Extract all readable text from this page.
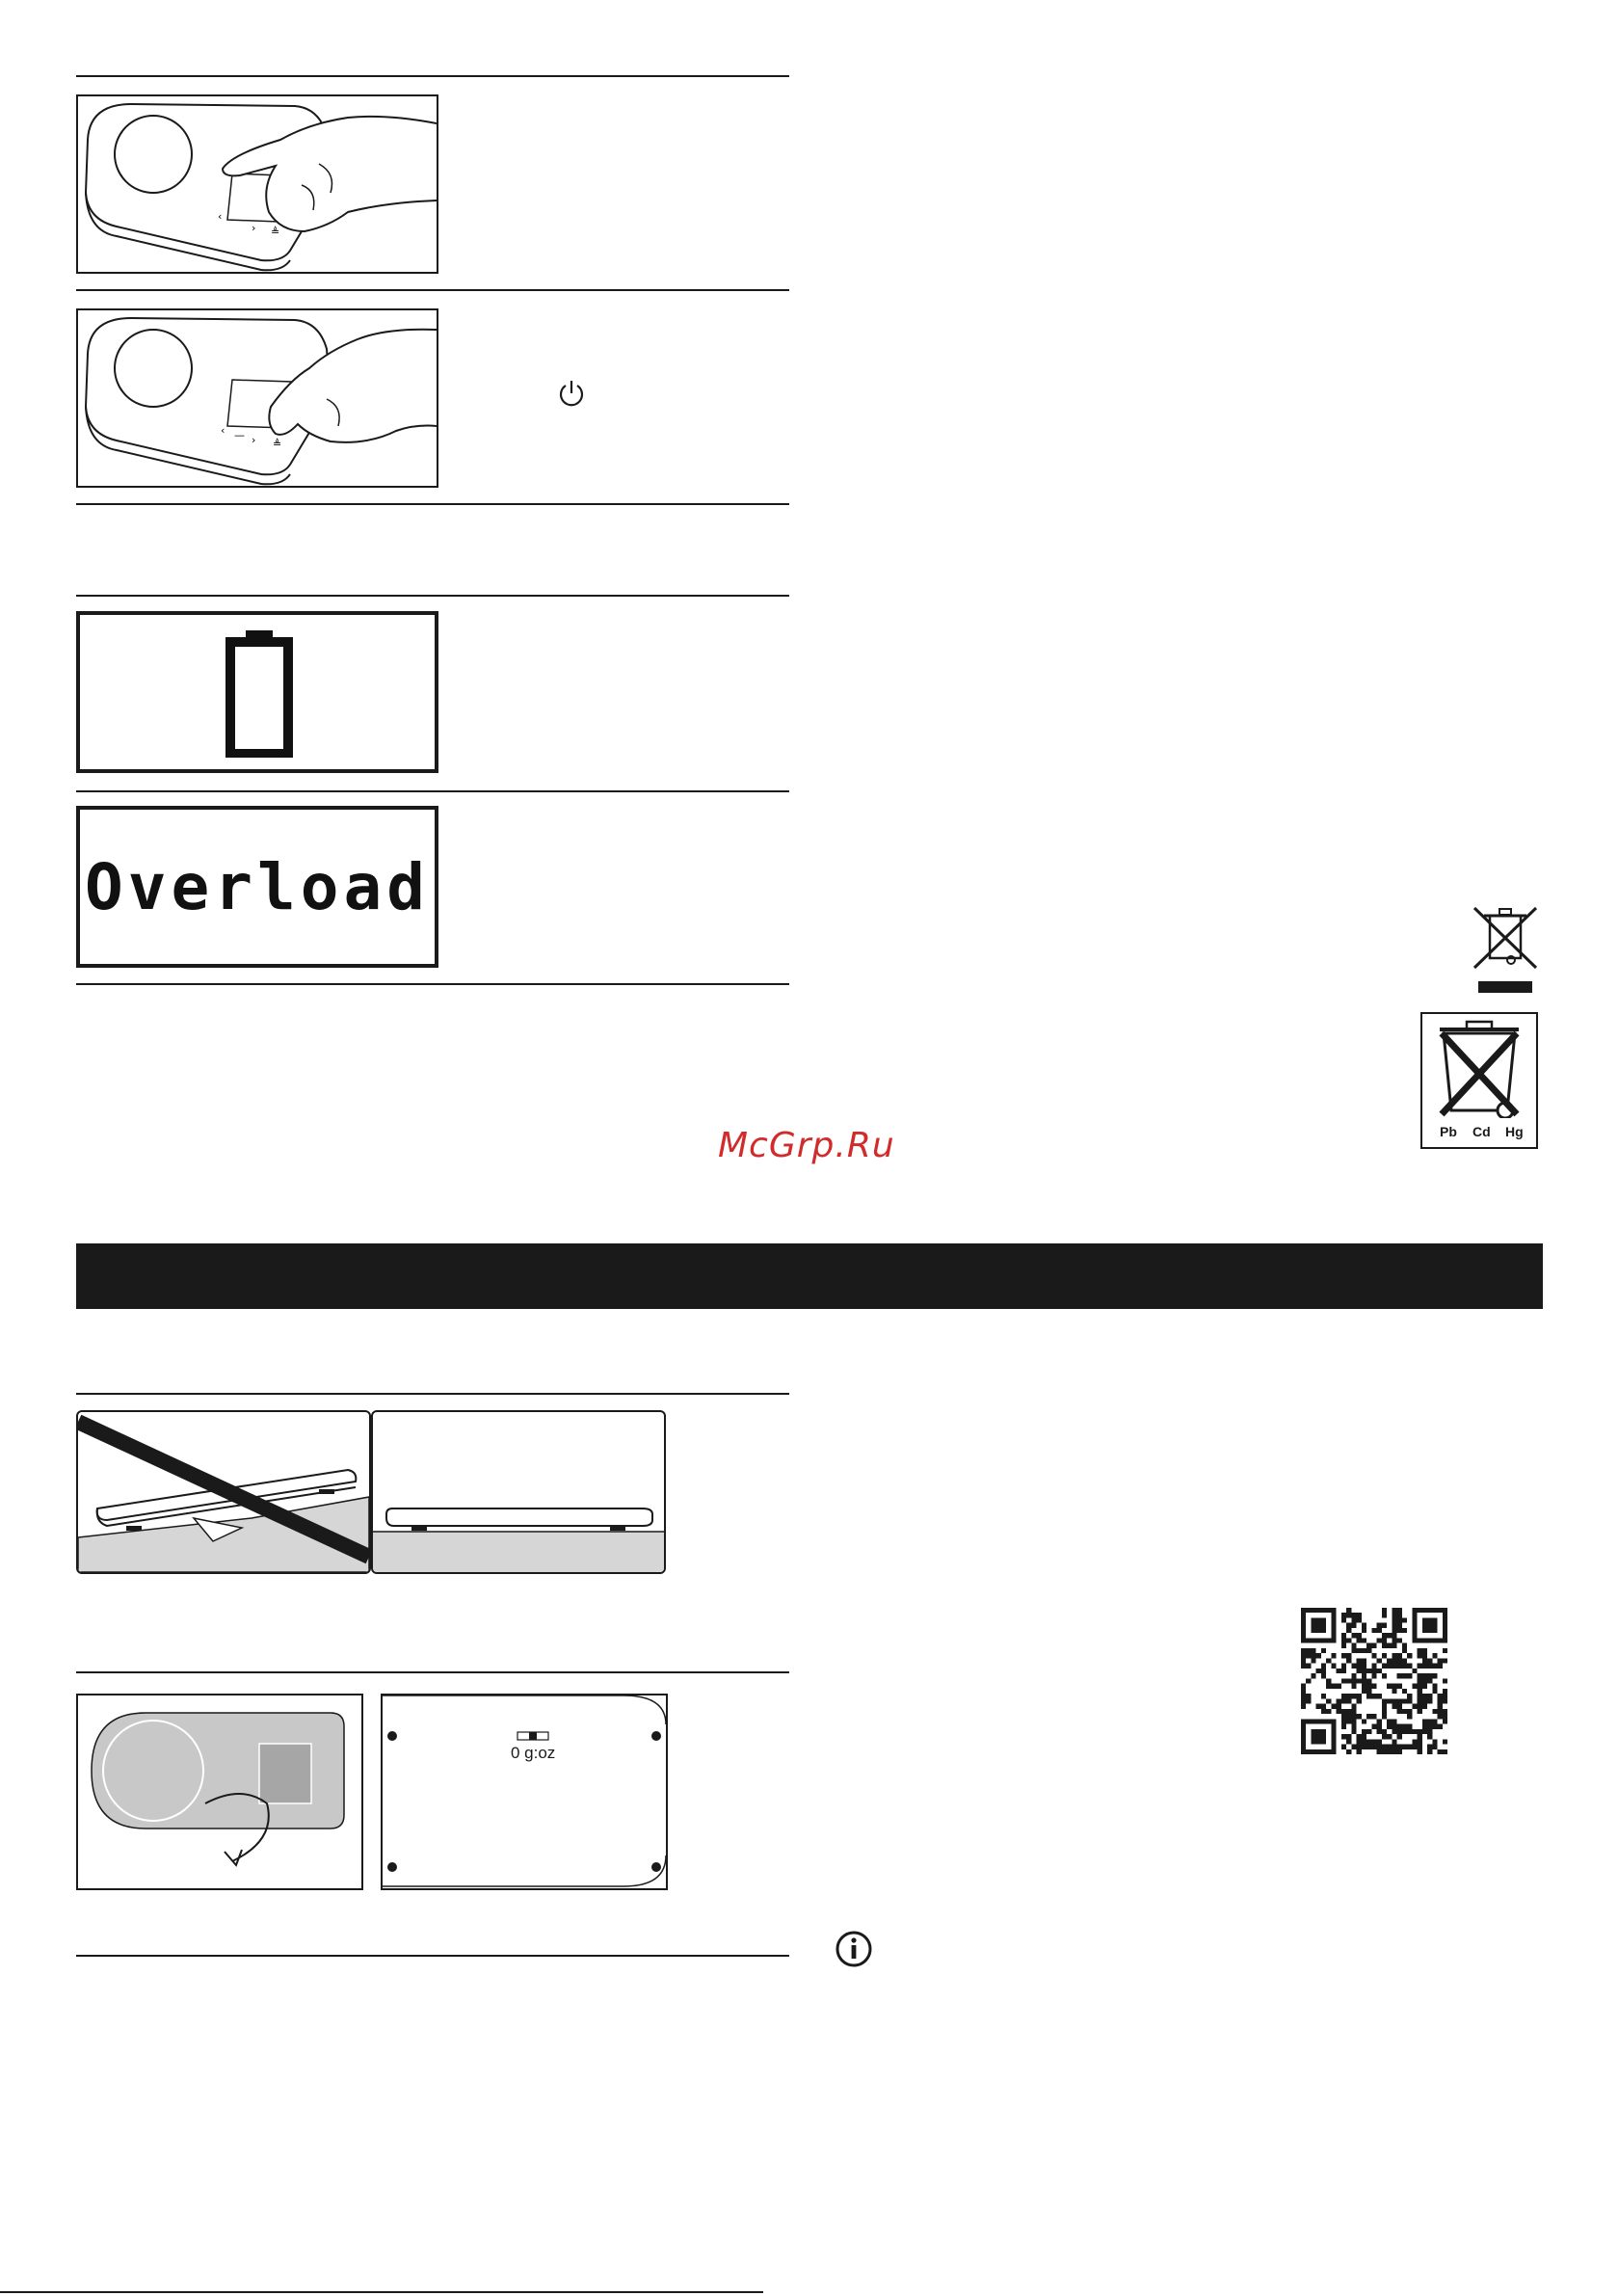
‹
› ≜
‹ — › ≜
Overload
Pb Cd Hg
McGrp.Ru
0 g:oz
